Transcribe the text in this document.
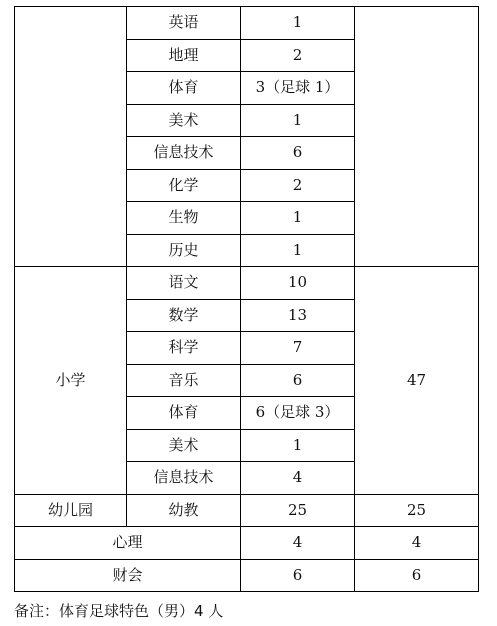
	英语	1	
	地理	2	
	体育	3（足球 1）	
	美术	1	
	信息技术	6	
	化学	2	
	生物	1	
	历史	1	
小学	语文	10	47
	数学	13	
	科学	7	
	音乐	6	
	体育	6（足球 3）	
	美术	1	
	信息技术	4	
幼儿园	幼教	25	25
心理		4	4
财会		6	6
备注：体育足球特色（男）4 人
